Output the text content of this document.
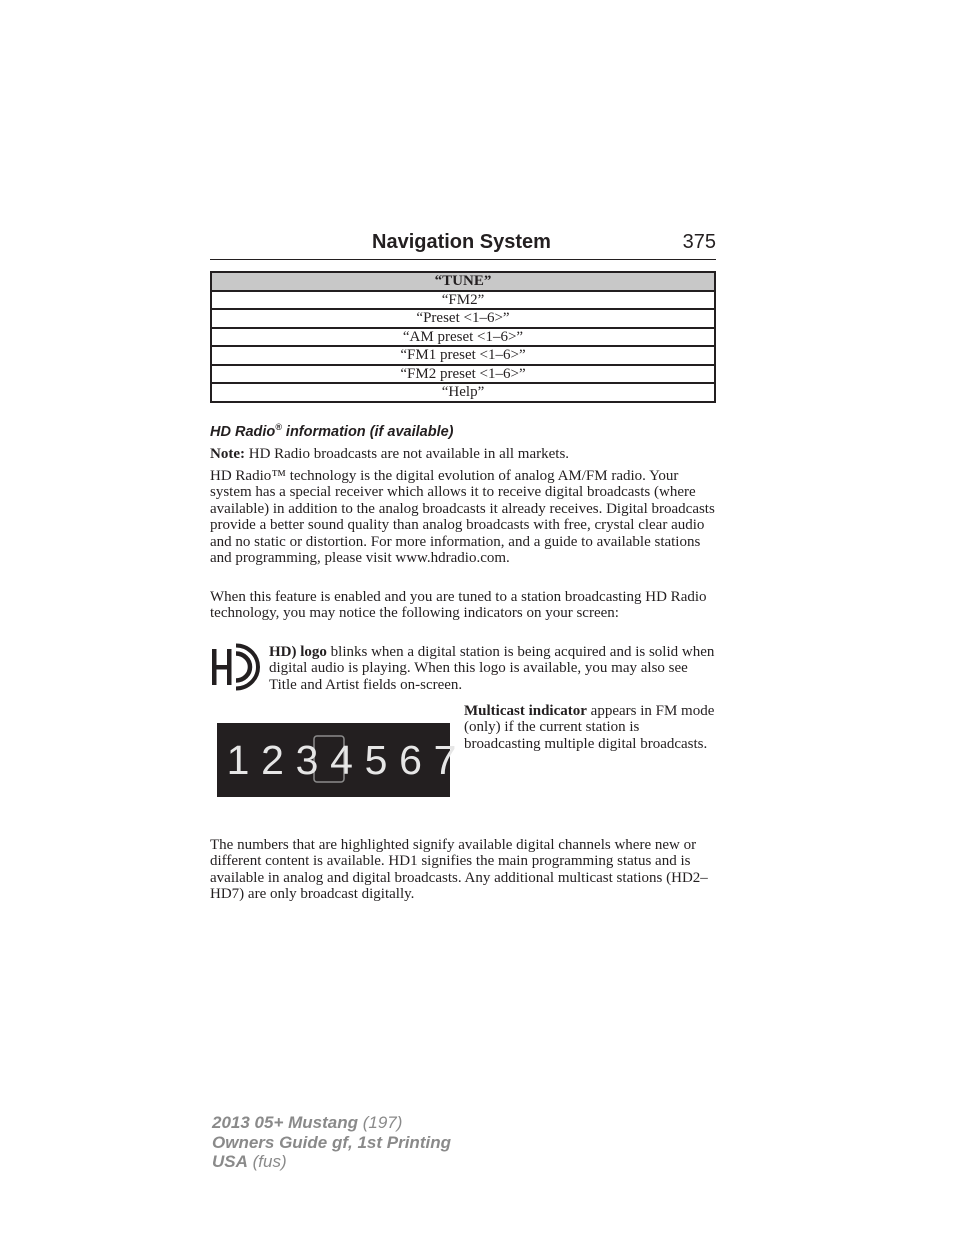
Navigation System	375
“TUNE”
“FM2”
“Preset <1–6>”
“AM preset <1–6>”
“FM1 preset <1–6>”
“FM2 preset <1–6>”
“Help”
HD Radio® information (if available)

Note: HD Radio broadcasts are not available in all markets.

HD Radio™ technology is the digital evolution of analog AM/FM radio. Your system has a special receiver which allows it to receive digital broadcasts (where available) in addition to the analog broadcasts it already receives. Digital broadcasts provide a better sound quality than analog broadcasts with free, crystal clear audio and no static or distortion. For more information, and a guide to available stations and programming, please visit www.hdradio.com.

When this feature is enabled and you are tuned to a station broadcasting HD Radio technology, you may notice the following indicators on your screen:

HD) logo blinks when a digital station is being acquired and is solid when digital audio is playing. When this logo is available, you may also see Title and Artist fields on-screen.

1 2 3 4 5 6 7

Multicast indicator appears in FM mode (only) if the current station is broadcasting multiple digital broadcasts.

The numbers that are highlighted signify available digital channels where new or different content is available. HD1 signifies the main programming status and is available in analog and digital broadcasts. Any additional multicast stations (HD2–HD7) are only broadcast digitally.

2013 05+ Mustang (197)
Owners Guide gf, 1st Printing
USA (fus)
